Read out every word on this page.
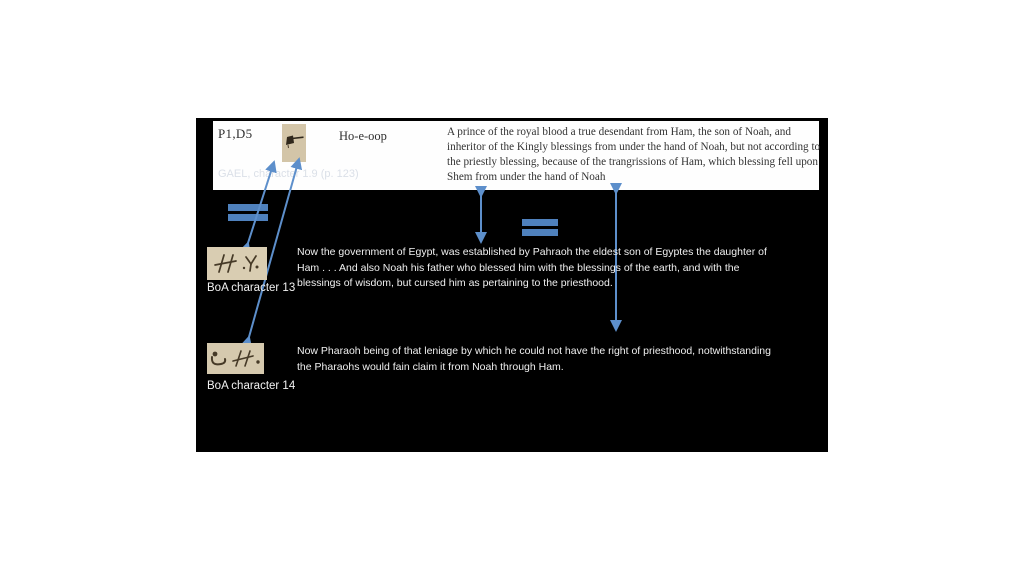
P1,D5	Ho-e-oop	A prince of the royal blood a true desendant from Ham, the son of Noah, and inheritor of the Kingly blessings from under the hand of Noah, but not according to the priestly blessing, because of the trangrissions of Ham, which blessing fell upon Shem from under the hand of Noah
GAEL, character 1.9 (p. 123)
BoA character 13
BoA character 14
Now the government of Egypt, was established by Pahraoh the eldest son of Egyptes the daughter of Ham . . . And also Noah his father who blessed him with the blessings of the earth, and with the blessings of wisdom, but cursed him as pertaining to the priesthood.
Now Pharaoh being of that leniage by which he could not have the right of priesthood, notwithstanding the Pharaohs would fain claim it from Noah through Ham.
